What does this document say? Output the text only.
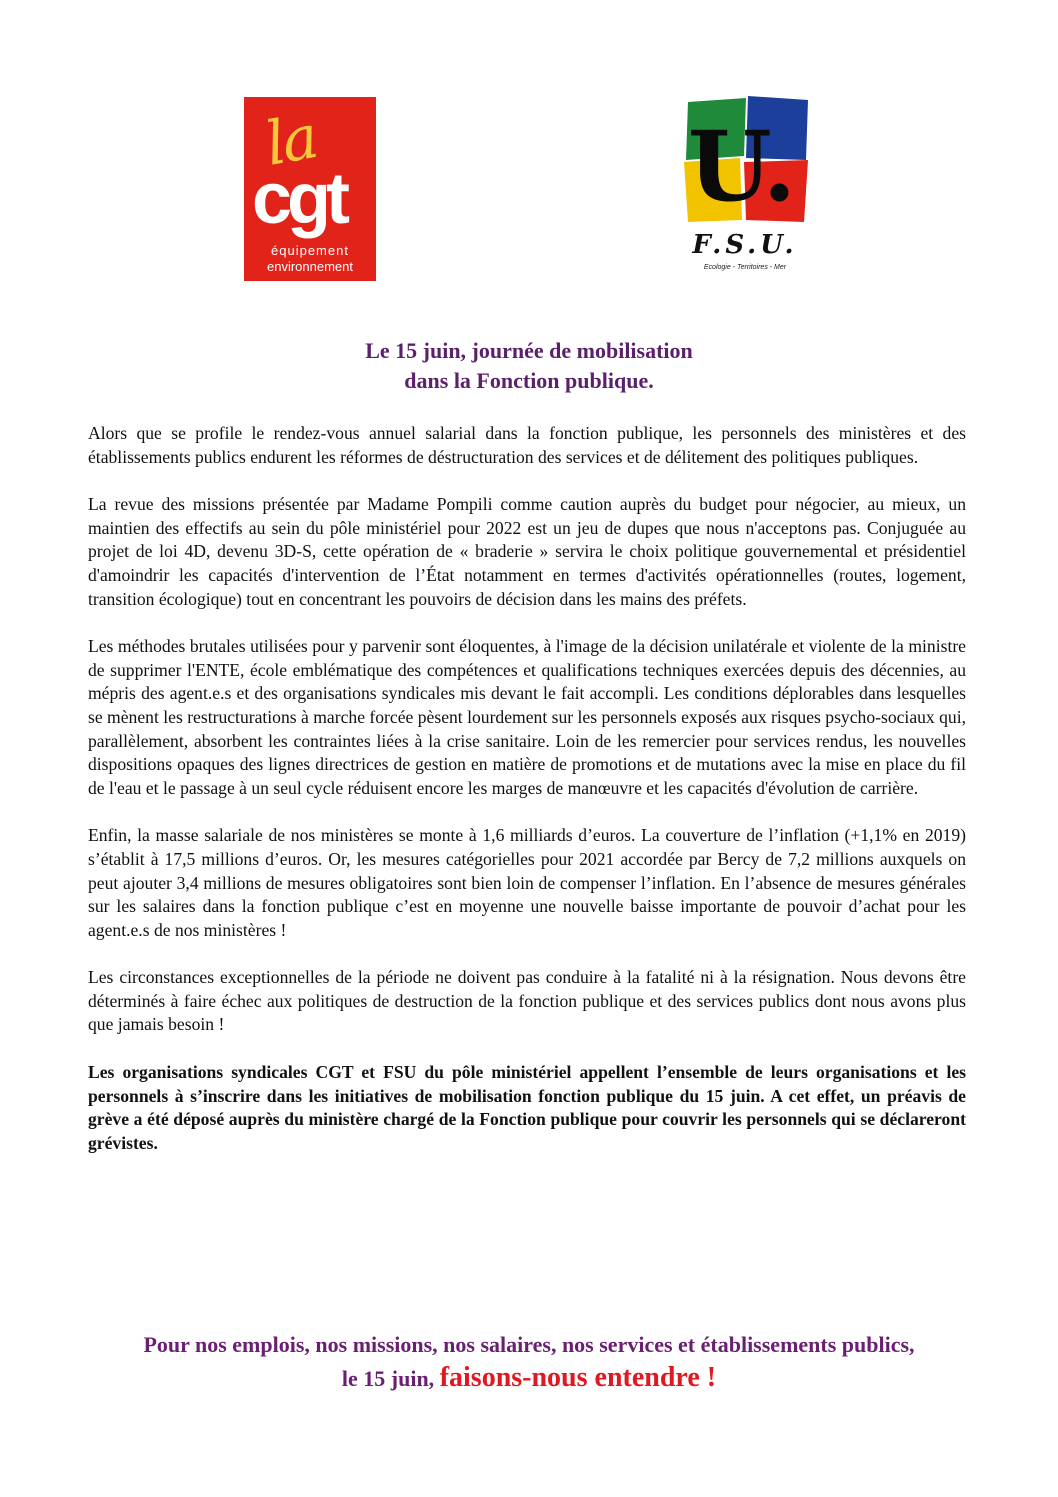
la
cgt
équipement
environnement
U.
F.S.U.
Ecologie - Territoires - Mer
Le 15 juin, journée de mobilisation
dans la Fonction publique.

Alors que se profile le rendez-vous annuel salarial dans la fonction publique, les personnels des ministères et des établissements publics endurent les réformes de déstructuration des services et de délitement des politiques publiques.

La revue des missions présentée par Madame Pompili comme caution auprès du budget pour négocier, au mieux, un maintien des effectifs au sein du pôle ministériel pour 2022 est un jeu de dupes que nous n'acceptons pas. Conjuguée au projet de loi 4D, devenu 3D-S, cette opération de « braderie » servira le choix politique gouvernemental et présidentiel d'amoindrir les capacités d'intervention de l’État notamment en termes d'activités opérationnelles (routes, logement, transition écologique) tout en concentrant les pouvoirs de décision dans les mains des préfets.

Les méthodes brutales utilisées pour y parvenir sont éloquentes, à l'image de la décision unilatérale et violente de la ministre de supprimer l'ENTE, école emblématique des compétences et qualifications techniques exercées depuis des décennies, au mépris des agent.e.s et des organisations syndicales mis devant le fait accompli. Les conditions déplorables dans lesquelles se mènent les restructurations à marche forcée pèsent lourdement sur les personnels exposés aux risques psycho-sociaux qui, parallèlement, absorbent les contraintes liées à la crise sanitaire. Loin de les remercier pour services rendus, les nouvelles dispositions opaques des lignes directrices de gestion en matière de promotions et de mutations avec la mise en place du fil de l'eau et le passage à un seul cycle réduisent encore les marges de manœuvre et les capacités d'évolution de carrière.

Enfin, la masse salariale de nos ministères se monte à 1,6 milliards d’euros. La couverture de l’inflation (+1,1% en 2019) s’établit à 17,5 millions d’euros. Or, les mesures catégorielles pour 2021 accordée par Bercy de 7,2 millions auxquels on peut ajouter 3,4 millions de mesures obligatoires sont bien loin de compenser l’inflation. En l’absence de mesures générales sur les salaires dans la fonction publique c’est en moyenne une nouvelle baisse importante de pouvoir d’achat pour les agent.e.s de nos ministères !

Les circonstances exceptionnelles de la période ne doivent pas conduire à la fatalité ni à la résignation. Nous devons être déterminés à faire échec aux politiques de destruction de la fonction publique et des services publics dont nous avons plus que jamais besoin !

Les organisations syndicales CGT et FSU du pôle ministériel appellent l’ensemble de leurs organisations et les personnels à s’inscrire dans les initiatives de mobilisation fonction publique du 15 juin. A cet effet, un préavis de grève a été déposé auprès du ministère chargé de la Fonction publique pour couvrir les personnels qui se déclareront grévistes.

Pour nos emplois, nos missions, nos salaires, nos services et établissements publics,
le 15 juin, faisons-nous entendre !
